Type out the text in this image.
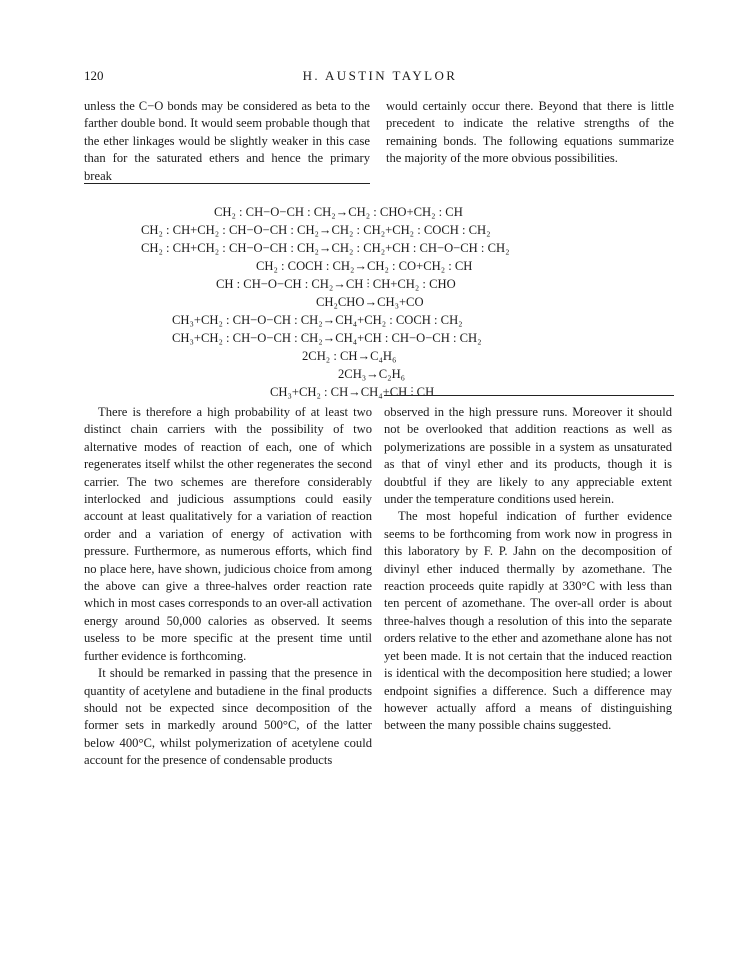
120	H. AUSTIN TAYLOR

unless the C−O bonds may be considered as beta to the farther double bond. It would seem probable though that the ether linkages would be slightly weaker in this case than for the saturated ethers and hence the primary break

would certainly occur there. Beyond that there is little precedent to indicate the relative strengths of the remaining bonds. The following equations summarize the majority of the more obvious possibilities.

CH₂ : CH−O−CH : CH₂→CH₂ : CHO+CH₂ : CH
CH₂ : CH+CH₂ : CH−O−CH : CH₂→CH₂ : CH₂+CH₂ : COCH : CH₂
CH₂ : CH+CH₂ : CH−O−CH : CH₂→CH₂ : CH₂+CH : CH−O−CH : CH₂
CH₂ : COCH : CH₂→CH₂ : CO+CH₂ : CH
CH : CH−O−CH : CH₂→CH ⫶ CH+CH₂ : CHO
CH₂CHO→CH₃+CO
CH₃+CH₂ : CH−O−CH : CH₂→CH₄+CH₂ : COCH : CH₂
CH₃+CH₂ : CH−O−CH : CH₂→CH₄+CH : CH−O−CH : CH₂
2CH₂ : CH→C₄H₆
2CH₃→C₂H₆
CH₃+CH₂ : CH→CH₄+CH ⫶ CH

There is therefore a high probability of at least two distinct chain carriers with the possibility of two alternative modes of reaction of each, one of which regenerates itself whilst the other regenerates the second carrier. The two schemes are therefore considerably interlocked and judicious assumptions could easily account at least qualitatively for a variation of reaction order and a variation of energy of activation with pressure. Furthermore, as numerous efforts, which find no place here, have shown, judicious choice from among the above can give a three-halves order reaction rate which in most cases corresponds to an over-all activation energy around 50,000 calories as observed. It seems useless to be more specific at the present time until further evidence is forthcoming.

It should be remarked in passing that the presence in quantity of acetylene and butadiene in the final products should not be expected since decomposition of the former sets in markedly around 500°C, of the latter below 400°C, whilst polymerization of acetylene could account for the presence of condensable products

observed in the high pressure runs. Moreover it should not be overlooked that addition reactions as well as polymerizations are possible in a system as unsaturated as that of vinyl ether and its products, though it is doubtful if they are likely to any appreciable extent under the temperature conditions used herein.

The most hopeful indication of further evidence seems to be forthcoming from work now in progress in this laboratory by F. P. Jahn on the decomposition of divinyl ether induced thermally by azomethane. The reaction proceeds quite rapidly at 330°C with less than ten percent of azomethane. The over-all order is about three-halves though a resolution of this into the separate orders relative to the ether and azomethane alone has not yet been made. It is not certain that the induced reaction is identical with the decomposition here studied; a lower endpoint signifies a difference. Such a difference may however actually afford a means of distinguishing between the many possible chains suggested.
